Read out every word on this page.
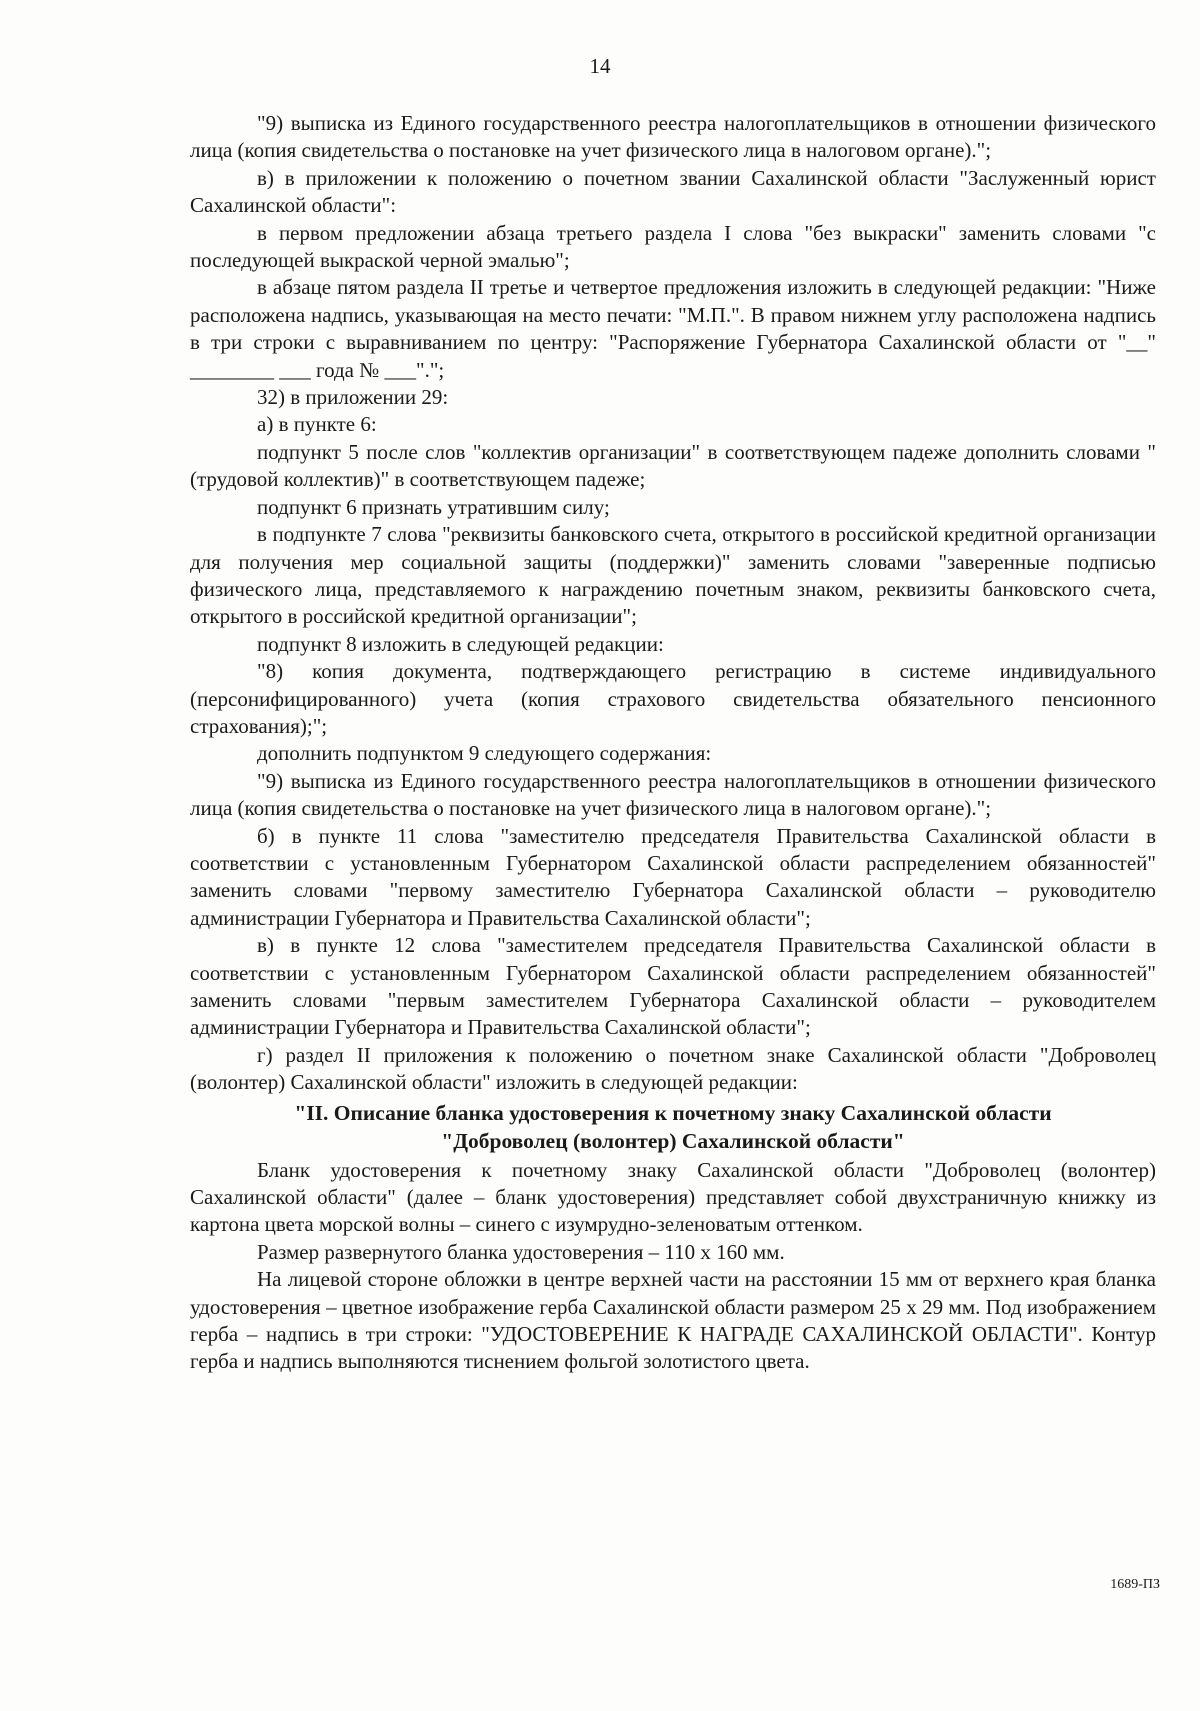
14

"9) выписка из Единого государственного реестра налогоплательщиков в отношении физического лица (копия свидетельства о постановке на учет физического лица в налоговом органе).";

в) в приложении к положению о почетном звании Сахалинской области "Заслуженный юрист Сахалинской области":

в первом предложении абзаца третьего раздела I слова "без выкраски" заменить словами "с последующей выкраской черной эмалью";

в абзаце пятом раздела II третье и четвертое предложения изложить в следующей редакции: "Ниже расположена надпись, указывающая на место печати: "М.П.". В правом нижнем углу расположена надпись в три строки с выравниванием по центру: "Распоряжение Губернатора Сахалинской области от "__" ________ ___ года № ___".";

32) в приложении 29:

а) в пункте 6:

подпункт 5 после слов "коллектив организации" в соответствующем падеже дополнить словами "(трудовой коллектив)" в соответствующем падеже;

подпункт 6 признать утратившим силу;

в подпункте 7 слова "реквизиты банковского счета, открытого в российской кредитной организации для получения мер социальной защиты (поддержки)" заменить словами "заверенные подписью физического лица, представляемого к награждению почетным знаком, реквизиты банковского счета, открытого в российской кредитной организации";

подпункт 8 изложить в следующей редакции:

"8) копия документа, подтверждающего регистрацию в системе индивидуального (персонифицированного) учета (копия страхового свидетельства обязательного пенсионного страхования);";

дополнить подпунктом 9 следующего содержания:

"9) выписка из Единого государственного реестра налогоплательщиков в отношении физического лица (копия свидетельства о постановке на учет физического лица в налоговом органе).";

б) в пункте 11 слова "заместителю председателя Правительства Сахалинской области в соответствии с установленным Губернатором Сахалинской области распределением обязанностей" заменить словами "первому заместителю Губернатора Сахалинской области – руководителю администрации Губернатора и Правительства Сахалинской области";

в) в пункте 12 слова "заместителем председателя Правительства Сахалинской области в соответствии с установленным Губернатором Сахалинской области распределением обязанностей" заменить словами "первым заместителем Губернатора Сахалинской области – руководителем администрации Губернатора и Правительства Сахалинской области";

г) раздел II приложения к положению о почетном знаке Сахалинской области "Доброволец (волонтер) Сахалинской области" изложить в следующей редакции:

"II. Описание бланка удостоверения к почетному знаку Сахалинской области
"Доброволец (волонтер) Сахалинской области"

Бланк удостоверения к почетному знаку Сахалинской области "Доброволец (волонтер) Сахалинской области" (далее – бланк удостоверения) представляет собой двухстраничную книжку из картона цвета морской волны – синего с изумрудно-зеленоватым оттенком.

Размер развернутого бланка удостоверения – 110 х 160 мм.

На лицевой стороне обложки в центре верхней части на расстоянии 15 мм от верхнего края бланка удостоверения – цветное изображение герба Сахалинской области размером 25 х 29 мм. Под изображением герба – надпись в три строки: "УДОСТОВЕРЕНИЕ К НАГРАДЕ САХАЛИНСКОЙ ОБЛАСТИ". Контур герба и надпись выполняются тиснением фольгой золотистого цвета.

1689-ПЗ
